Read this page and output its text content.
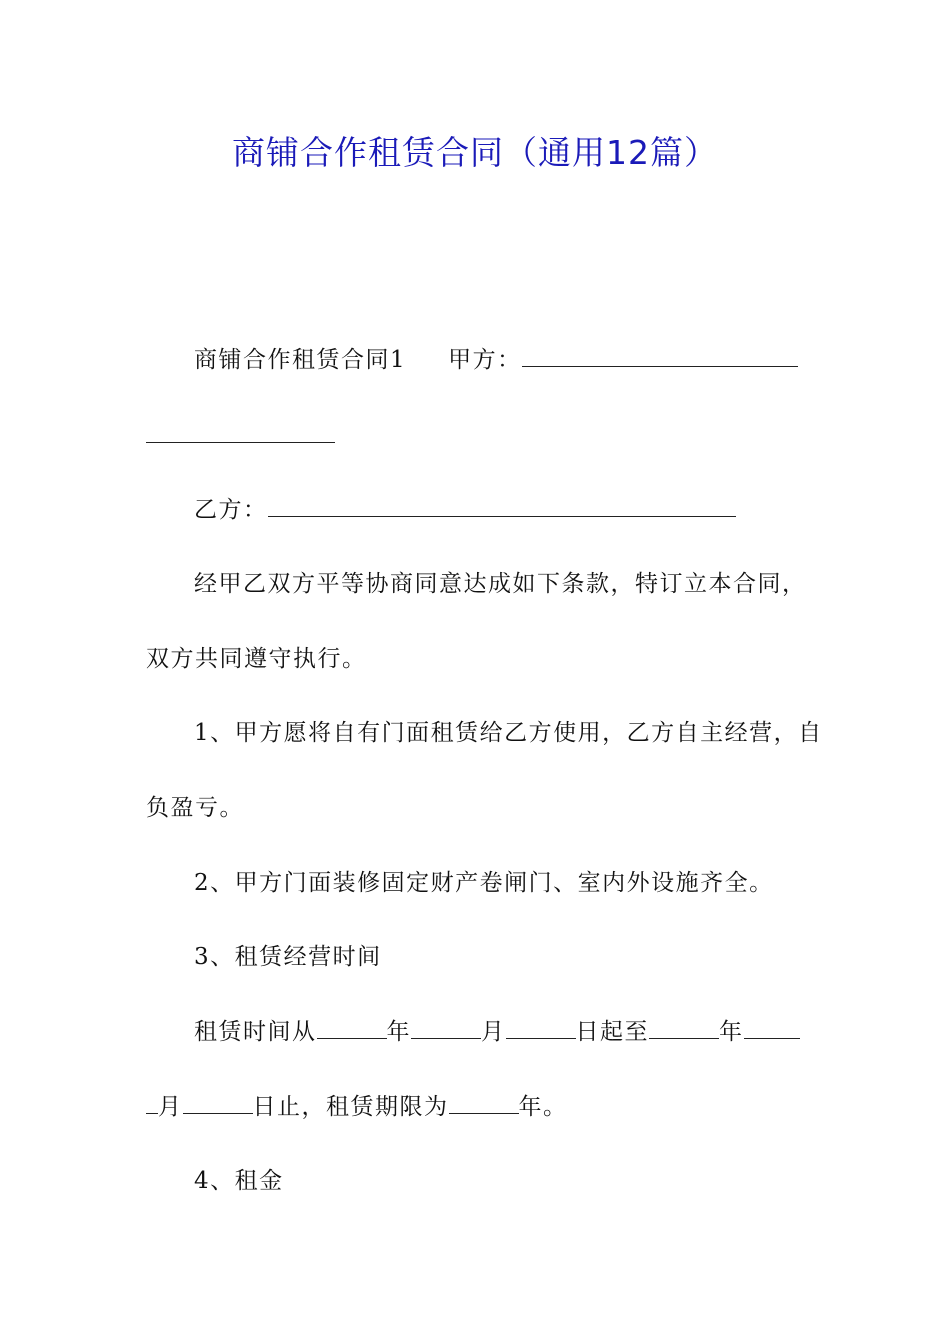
商铺合作租赁合同（通用12篇）
商铺合作租赁合同1 甲方：
乙方：
经甲乙双方平等协商同意达成如下条款，特订立本合同，
双方共同遵守执行。
1、甲方愿将自有门面租赁给乙方使用，乙方自主经营，自
负盈亏。
2、甲方门面装修固定财产卷闸门、室内外设施齐全。
3、租赁经营时间
租赁时间从	年	月	日起至	年
月	日止，租赁期限为	年。
4、租金
